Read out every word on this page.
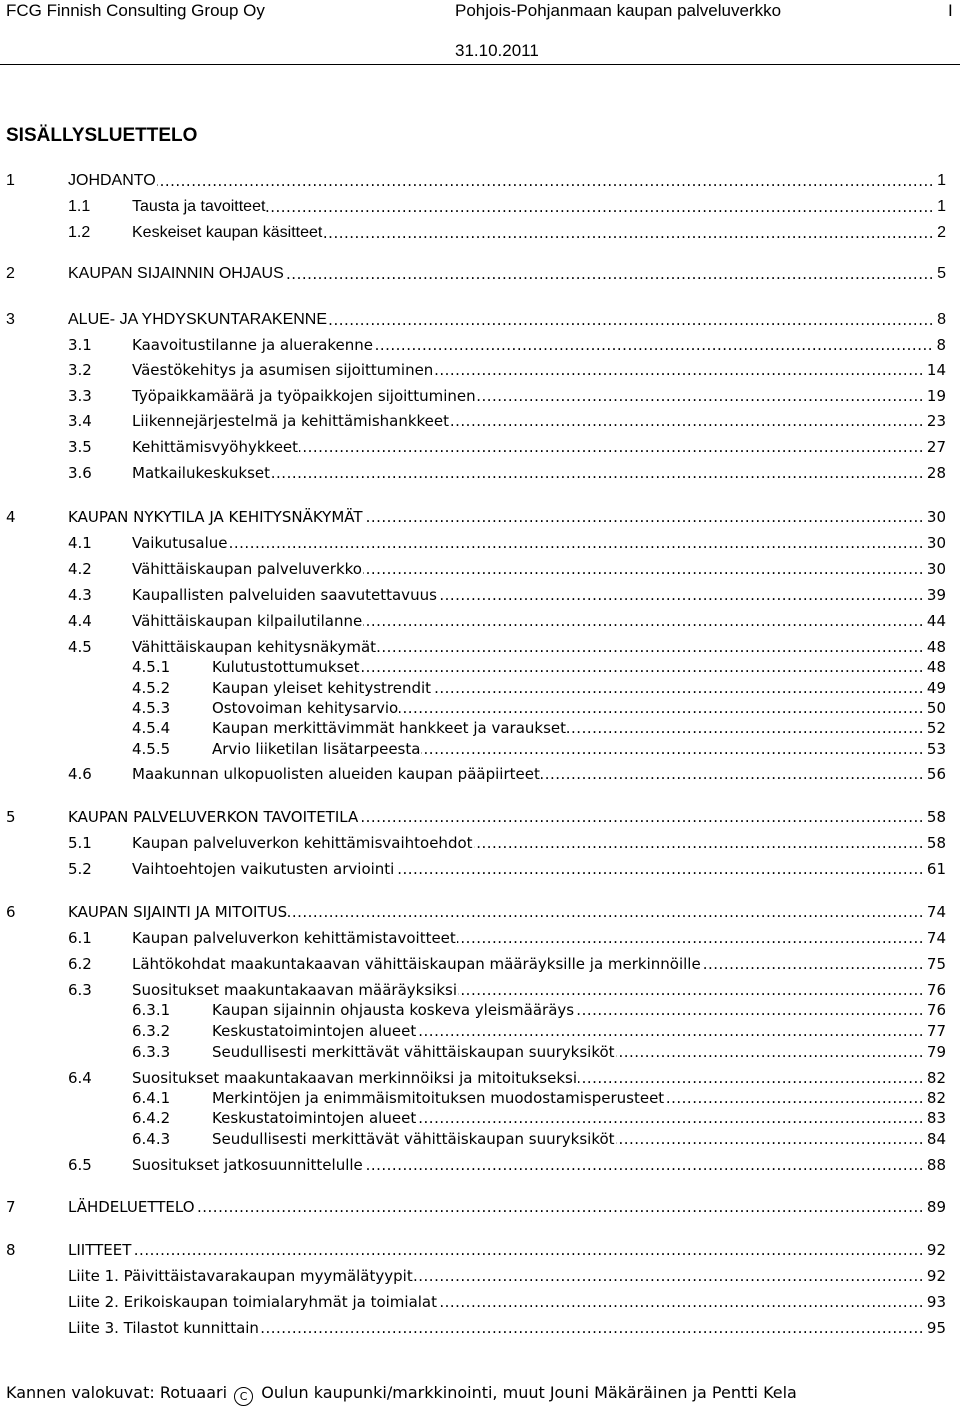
FCG Finnish Consulting Group Oy	Pohjois-Pohjanmaan kaupan palveluverkko	I
31.10.2011
SISÄLLYSLUETTELO
.....
1	JOHDANTO	1
.....
1.1	Tausta ja tavoitteet	1
.....
1.2	Keskeiset kaupan käsitteet	2
.....
2	KAUPAN SIJAINNIN OHJAUS	5
.....
3	ALUE- JA YHDYSKUNTARAKENNE	8
.....
3.1	Kaavoitustilanne ja aluerakenne	8
.....
3.2	Väestökehitys ja asumisen sijoittuminen	14
.....
3.3	Työpaikkamäärä ja työpaikkojen sijoittuminen	19
.....
3.4	Liikennejärjestelmä ja kehittämishankkeet	23
.....
3.5	Kehittämisvyöhykkeet	27
.....
3.6	Matkailukeskukset	28
.....
4	KAUPAN NYKYTILA JA KEHITYSNÄKYMÄT	30
.....
4.1	Vaikutusalue	30
.....
4.2	Vähittäiskaupan palveluverkko	30
.....
4.3	Kaupallisten palveluiden saavutettavuus	39
.....
4.4	Vähittäiskaupan kilpailutilanne	44
.....
4.5	Vähittäiskaupan kehitysnäkymät	48
.....
4.5.1	Kulutustottumukset	48
.....
4.5.2	Kaupan yleiset kehitystrendit	49
.....
4.5.3	Ostovoiman kehitysarvio	50
.....
4.5.4	Kaupan merkittävimmät hankkeet ja varaukset	52
.....
4.5.5	Arvio liiketilan lisätarpeesta	53
.....
4.6	Maakunnan ulkopuolisten alueiden kaupan pääpiirteet	56
.....
5	KAUPAN PALVELUVERKON TAVOITETILA	58
.....
5.1	Kaupan palveluverkon kehittämisvaihtoehdot	58
.....
5.2	Vaihtoehtojen vaikutusten arviointi	61
.....
6	KAUPAN SIJAINTI JA MITOITUS	74
.....
6.1	Kaupan palveluverkon kehittämistavoitteet	74
.....
6.2	Lähtökohdat maakuntakaavan vähittäiskaupan määräyksille ja merkinnöille	75
.....
6.3	Suositukset maakuntakaavan määräyksiksi	76
.....
6.3.1	Kaupan sijainnin ohjausta koskeva yleismääräys	76
.....
6.3.2	Keskustatoimintojen alueet	77
.....
6.3.3	Seudullisesti merkittävät vähittäiskaupan suuryksiköt	79
.....
6.4	Suositukset maakuntakaavan merkinnöiksi ja mitoitukseksi	82
.....
6.4.1	Merkintöjen ja enimmäismitoituksen muodostamisperusteet	82
.....
6.4.2	Keskustatoimintojen alueet	83
.....
6.4.3	Seudullisesti merkittävät vähittäiskaupan suuryksiköt	84
.....
6.5	Suositukset jatkosuunnittelulle	88
.....
7	LÄHDELUETTELO	89
.....
8	LIITTEET	92
.....
Liite 1. Päivittäistavarakaupan myymälätyypit	92
.....
Liite 2. Erikoiskaupan toimialaryhmät ja toimialat	93
.....
Liite 3. Tilastot kunnittain	95
Kannen valokuvat: Rotuaari C Oulun kaupunki/markkinointi, muut Jouni Mäkäräinen ja Pentti Kela
